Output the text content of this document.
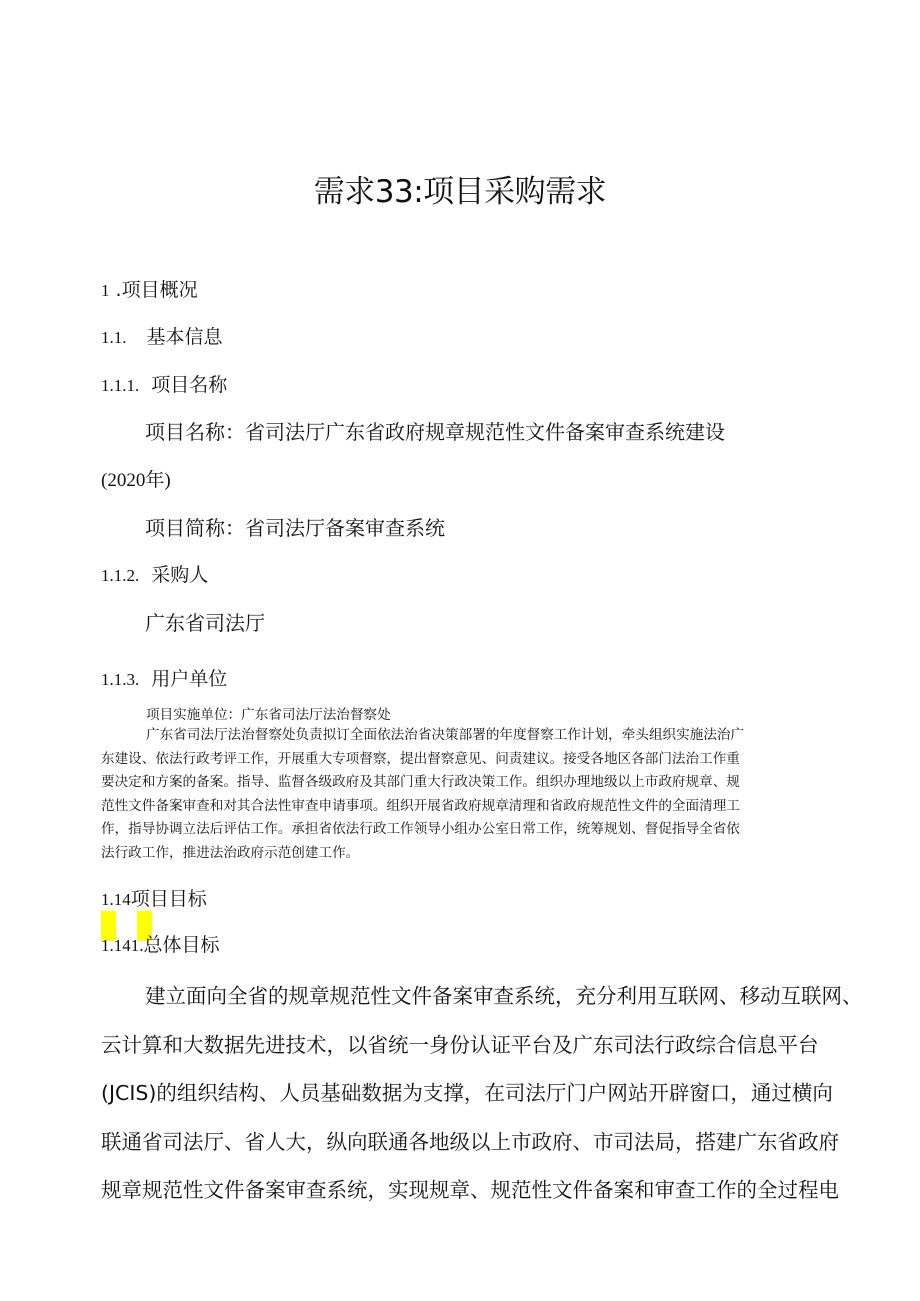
需求33:项目采购需求
1 .项目概况
1.1. 基本信息
1.1.1. 项目名称
项目名称：省司法厅广东省政府规章规范性文件备案审查系统建设
(2020年)
项目简称：省司法厅备案审查系统
1.1.2. 采购人
广东省司法厅
1.1.3. 用户单位
项目实施单位：广东省司法厅法治督察处
广东省司法厅法治督察处负责拟订全面依法治省决策部署的年度督察工作计划，牵头组织实施法治广
东建设、依法行政考评工作，开展重大专项督察，提出督察意见、问责建议。接受各地区各部门法治工作重
要决定和方案的备案。指导、监督各级政府及其部门重大行政决策工作。组织办理地级以上市政府规章、规
范性文件备案审查和对其合法性审查申请事项。组织开展省政府规章清理和省政府规范性文件的全面清理工
作，指导协调立法后评估工作。承担省依法行政工作领导小组办公室日常工作，统筹规划、督促指导全省依
法行政工作，推进法治政府示范创建工作。
1.14项目目标
1.141.总体目标
建立面向全省的规章规范性文件备案审查系统，充分利用互联网、移动互联网、
云计算和大数据先进技术，以省统一身份认证平台及广东司法行政综合信息平台
(JCIS)的组织结构、人员基础数据为支撑，在司法厅门户网站开辟窗口，通过横向
联通省司法厅、省人大，纵向联通各地级以上市政府、市司法局，搭建广东省政府
规章规范性文件备案审查系统，实现规章、规范性文件备案和审查工作的全过程电
